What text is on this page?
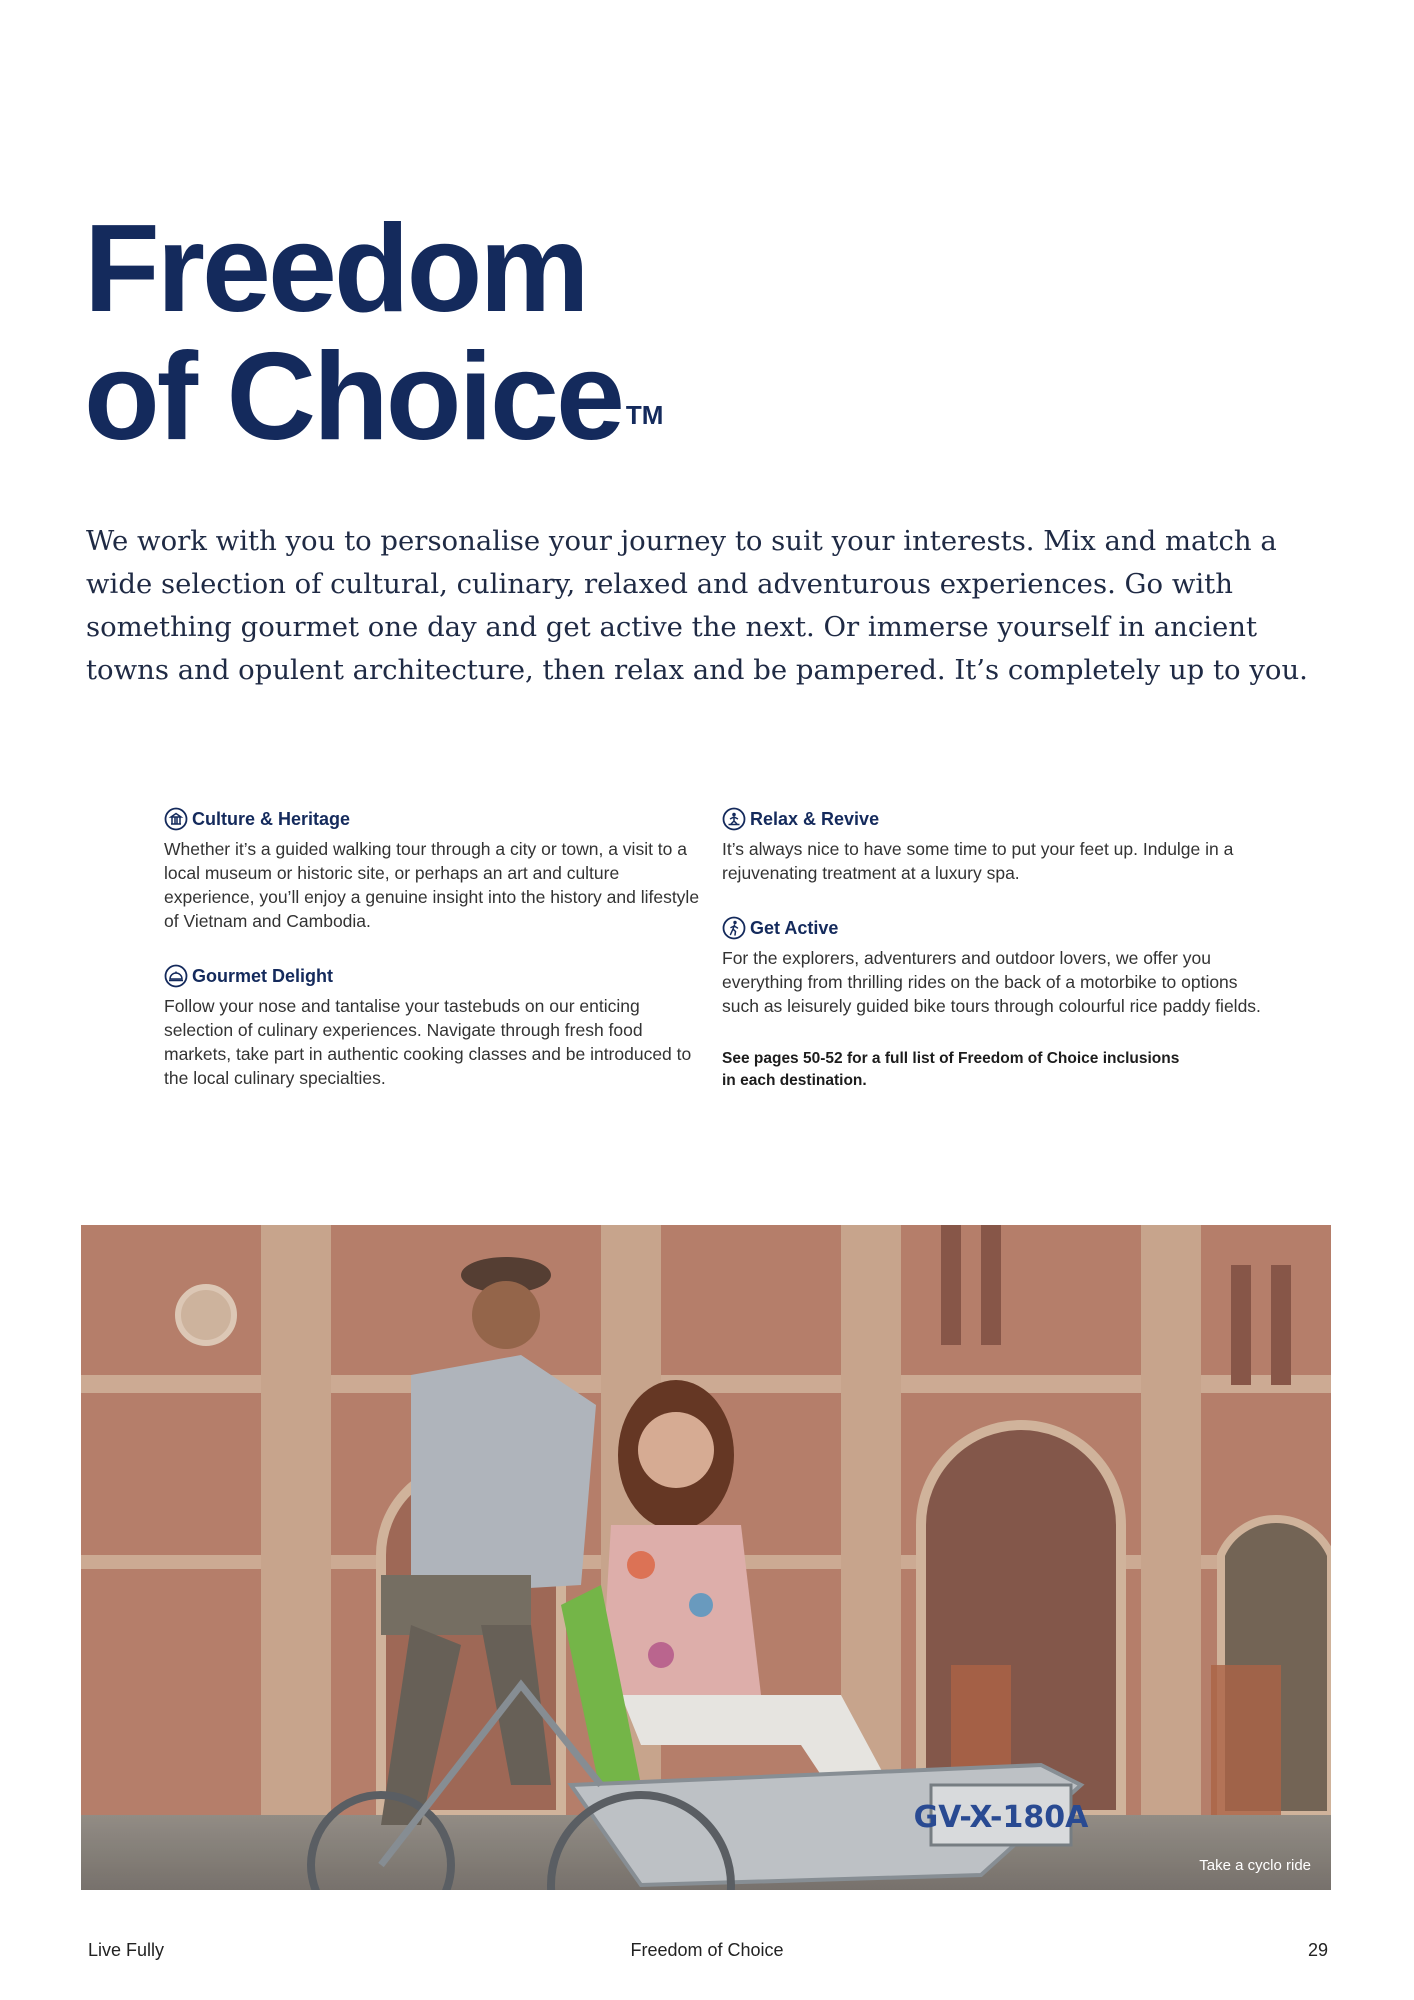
Freedom
of Choice ™

We work with you to personalise your journey to suit your interests. Mix and match a wide selection of cultural, culinary, relaxed and adventurous experiences. Go with something gourmet one day and get active the next. Or immerse yourself in ancient towns and opulent architecture, then relax and be pampered. It’s completely up to you.

Culture & Heritage

Whether it’s a guided walking tour through a city or town, a visit to a local museum or historic site, or perhaps an art and culture experience, you’ll enjoy a genuine insight into the history and lifestyle of Vietnam and Cambodia.

Gourmet Delight

Follow your nose and tantalise your tastebuds on our enticing selection of culinary experiences. Navigate through fresh food markets, take part in authentic cooking classes and be introduced to the local culinary specialties.

Relax & Revive

It’s always nice to have some time to put your feet up. Indulge in a rejuvenating treatment at a luxury spa.

Get Active

For the explorers, adventurers and outdoor lovers, we offer you everything from thrilling rides on the back of a motorbike to options such as leisurely guided bike tours through colourful rice paddy fields.

See pages 50-52 for a full list of Freedom of Choice inclusions in each destination.

GV-X-180A
Take a cyclo ride
Live Fully	Freedom of Choice	29
